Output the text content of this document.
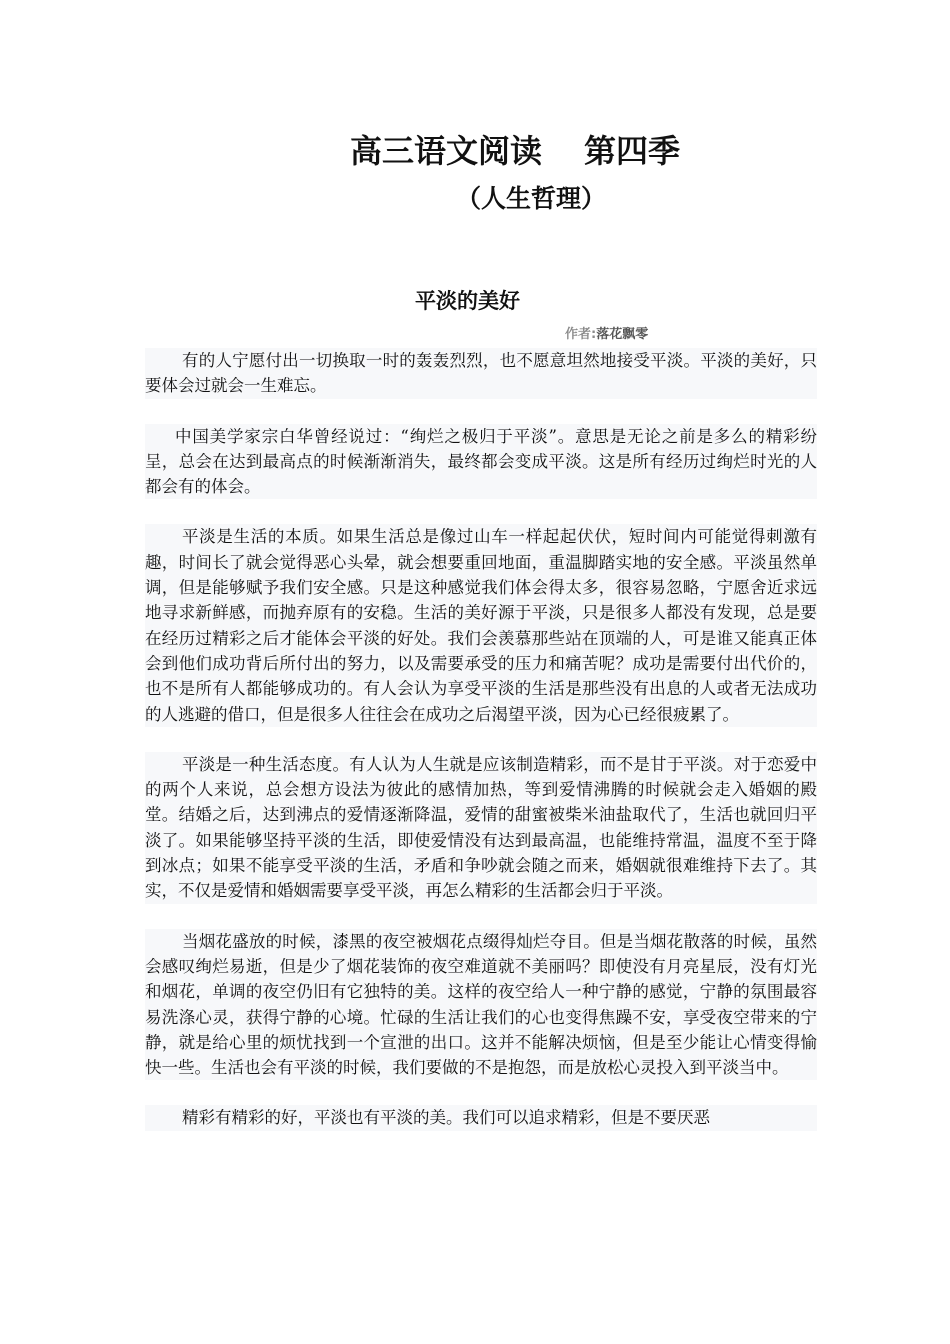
高三语文阅读 第四季
（人生哲理）
平淡的美好
作者:落花飘零

有的人宁愿付出一切换取一时的轰轰烈烈，也不愿意坦然地接受平淡。平淡的美好，只要体会过就会一生难忘。

中国美学家宗白华曾经说过：“绚烂之极归于平淡”。意思是无论之前是多么的精彩纷呈，总会在达到最高点的时候渐渐消失，最终都会变成平淡。这是所有经历过绚烂时光的人都会有的体会。

平淡是生活的本质。如果生活总是像过山车一样起起伏伏，短时间内可能觉得刺激有趣，时间长了就会觉得恶心头晕，就会想要重回地面，重温脚踏实地的安全感。平淡虽然单调，但是能够赋予我们安全感。只是这种感觉我们体会得太多，很容易忽略，宁愿舍近求远地寻求新鲜感，而抛弃原有的安稳。生活的美好源于平淡，只是很多人都没有发现，总是要在经历过精彩之后才能体会平淡的好处。我们会羡慕那些站在顶端的人，可是谁又能真正体会到他们成功背后所付出的努力，以及需要承受的压力和痛苦呢？成功是需要付出代价的，也不是所有人都能够成功的。有人会认为享受平淡的生活是那些没有出息的人或者无法成功的人逃避的借口，但是很多人往往会在成功之后渴望平淡，因为心已经很疲累了。

平淡是一种生活态度。有人认为人生就是应该制造精彩，而不是甘于平淡。对于恋爱中的两个人来说，总会想方设法为彼此的感情加热，等到爱情沸腾的时候就会走入婚姻的殿堂。结婚之后，达到沸点的爱情逐渐降温，爱情的甜蜜被柴米油盐取代了，生活也就回归平淡了。如果能够坚持平淡的生活，即使爱情没有达到最高温，也能维持常温，温度不至于降到冰点；如果不能享受平淡的生活，矛盾和争吵就会随之而来，婚姻就很难维持下去了。其实，不仅是爱情和婚姻需要享受平淡，再怎么精彩的生活都会归于平淡。

当烟花盛放的时候，漆黑的夜空被烟花点缀得灿烂夺目。但是当烟花散落的时候，虽然会感叹绚烂易逝，但是少了烟花装饰的夜空难道就不美丽吗？即使没有月亮星辰，没有灯光和烟花，单调的夜空仍旧有它独特的美。这样的夜空给人一种宁静的感觉，宁静的氛围最容易洗涤心灵，获得宁静的心境。忙碌的生活让我们的心也变得焦躁不安，享受夜空带来的宁静，就是给心里的烦忧找到一个宣泄的出口。这并不能解决烦恼，但是至少能让心情变得愉快一些。生活也会有平淡的时候，我们要做的不是抱怨，而是放松心灵投入到平淡当中。

精彩有精彩的好，平淡也有平淡的美。我们可以追求精彩，但是不要厌恶
